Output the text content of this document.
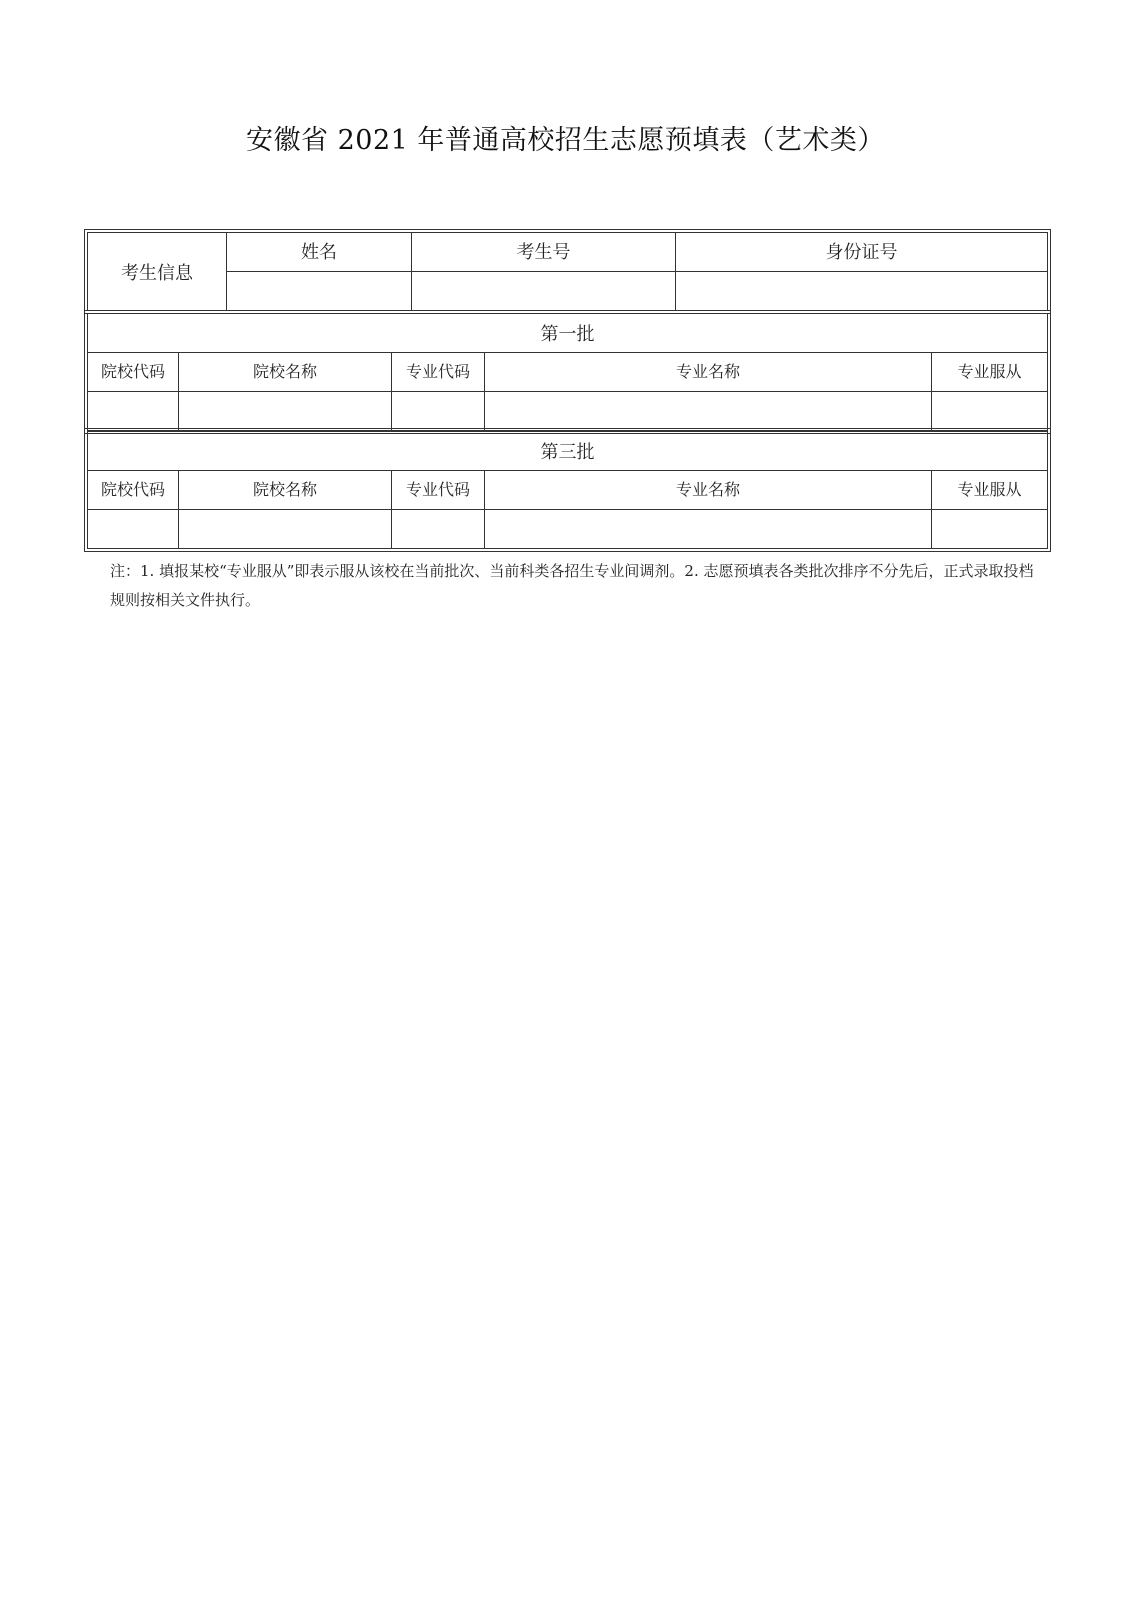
安徽省 2021 年普通高校招生志愿预填表（艺术类）
考生信息	姓名	考生号	身份证号

第一批				
院校代码	院校名称	专业代码	专业名称	专业服从

第三批				
院校代码	院校名称	专业代码	专业名称	专业服从

注：1. 填报某校“专业服从”即表示服从该校在当前批次、当前科类各招生专业间调剂。2. 志愿预填表各类批次排序不分先后，正式录取投档规则按相关文件执行。
